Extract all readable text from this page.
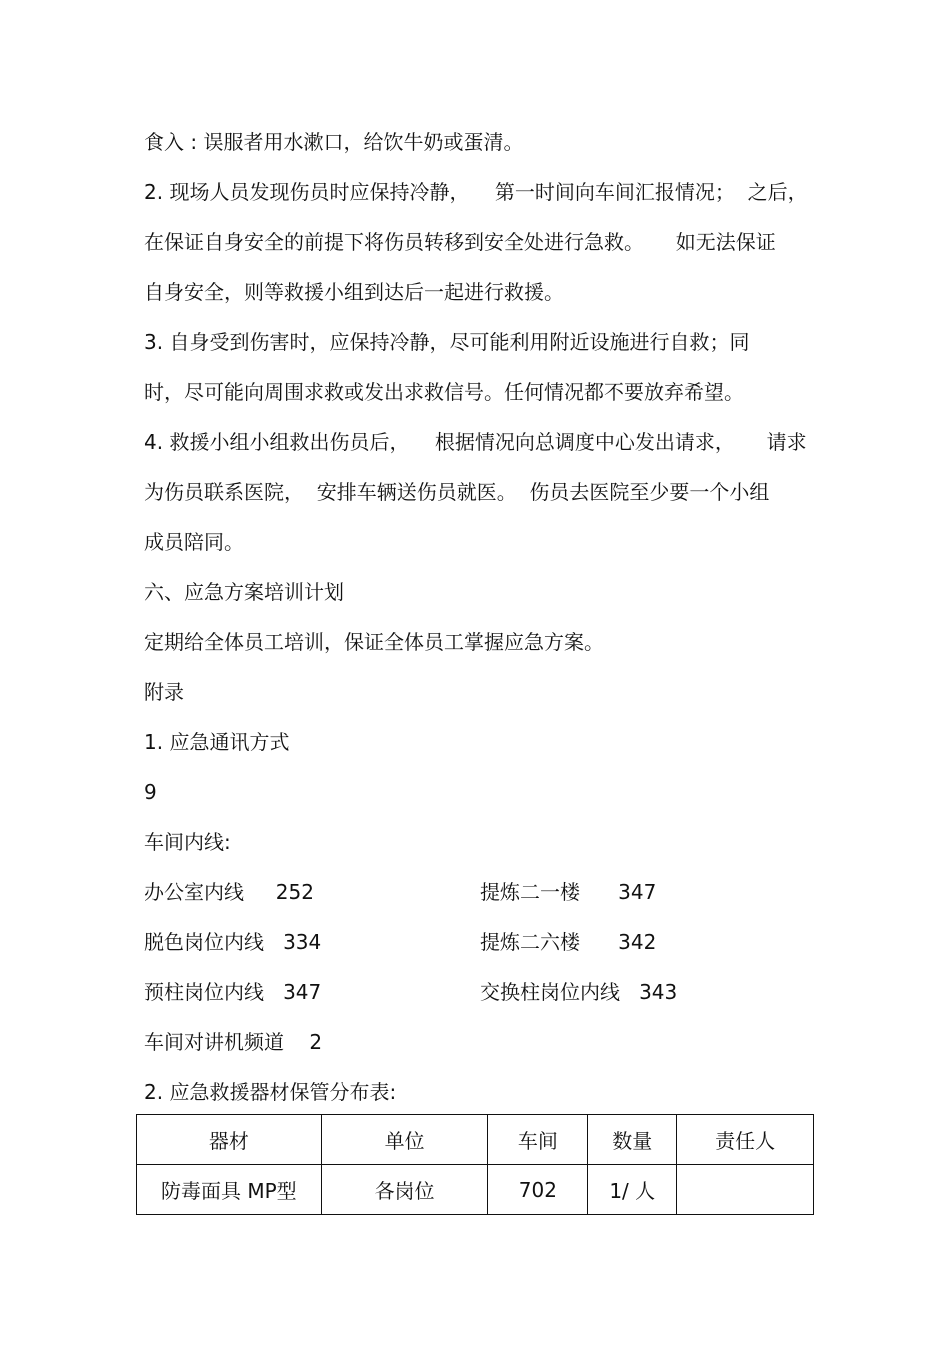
食入 : 误服者用水漱口，给饮牛奶或蛋清。
2. 现场人员发现伤员时应保持冷静，    第一时间向车间汇报情况；  之后，
在保证自身安全的前提下将伤员转移到安全处进行急救。     如无法保证
自身安全，则等救援小组到达后一起进行救援。
3. 自身受到伤害时，应保持冷静，尽可能利用附近设施进行自救；同
时，尽可能向周围求救或发出求救信号。任何情况都不要放弃希望。
4. 救援小组小组救出伤员后，    根据情况向总调度中心发出请求，     请求
为伤员联系医院，  安排车辆送伤员就医。  伤员去医院至少要一个小组
成员陪同。
六、应急方案培训计划
定期给全体员工培训，保证全体员工掌握应急方案。
附录
1. 应急通讯方式
9
车间内线:
办公室内线     252	提炼二一楼      347
脱色岗位内线   334	提炼二六楼      342
预柱岗位内线   347	交换柱岗位内线   343
车间对讲机频道    2
2. 应急救援器材保管分布表:
器材	单位	车间	数量	责任人
防毒面具 MP型	各岗位	702	1/ 人	
